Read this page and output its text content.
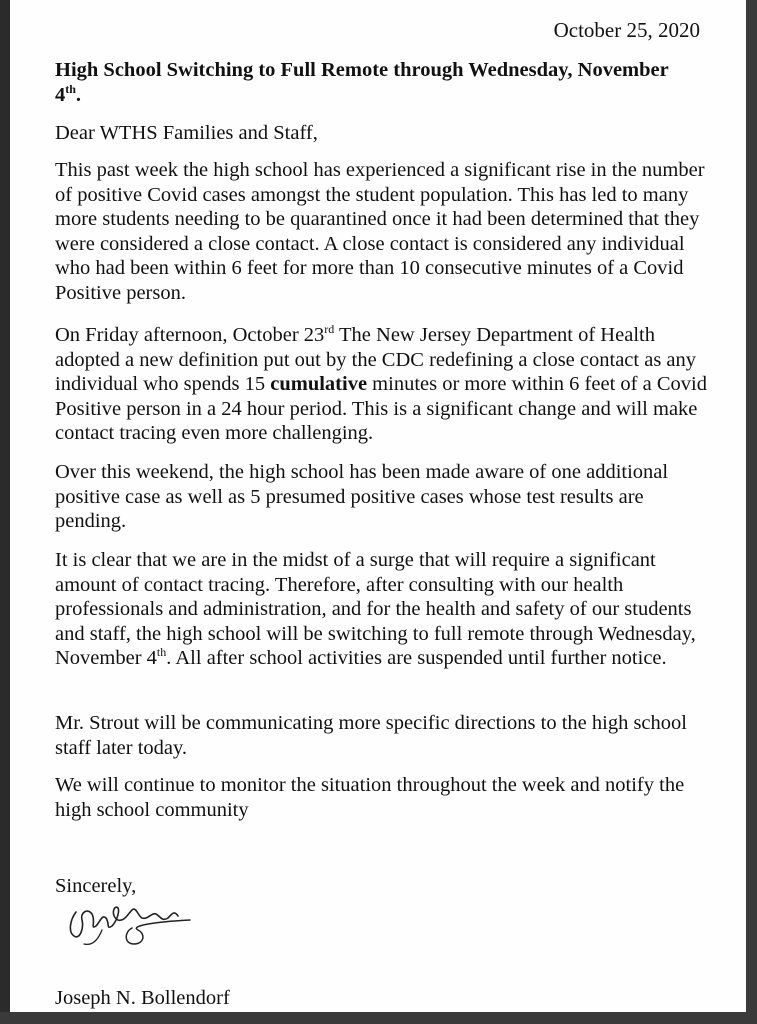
October 25, 2020
High School Switching to Full Remote through Wednesday, November 4th.
Dear WTHS Families and Staff,
This past week the high school has experienced a significant rise in the number of positive Covid cases amongst the student population. This has led to many more students needing to be quarantined once it had been determined that they were considered a close contact. A close contact is considered any individual who had been within 6 feet for more than 10 consecutive minutes of a Covid Positive person.
On Friday afternoon, October 23rd The New Jersey Department of Health adopted a new definition put out by the CDC redefining a close contact as any individual who spends 15 cumulative minutes or more within 6 feet of a Covid Positive person in a 24 hour period. This is a significant change and will make contact tracing even more challenging.
Over this weekend, the high school has been made aware of one additional positive case as well as 5 presumed positive cases whose test results are pending.
It is clear that we are in the midst of a surge that will require a significant amount of contact tracing. Therefore, after consulting with our health professionals and administration, and for the health and safety of our students and staff, the high school will be switching to full remote through Wednesday, November 4th. All after school activities are suspended until further notice.
Mr. Strout will be communicating more specific directions to the high school staff later today.
We will continue to monitor the situation throughout the week and notify the high school community
Sincerely,
Joseph N. Bollendorf
